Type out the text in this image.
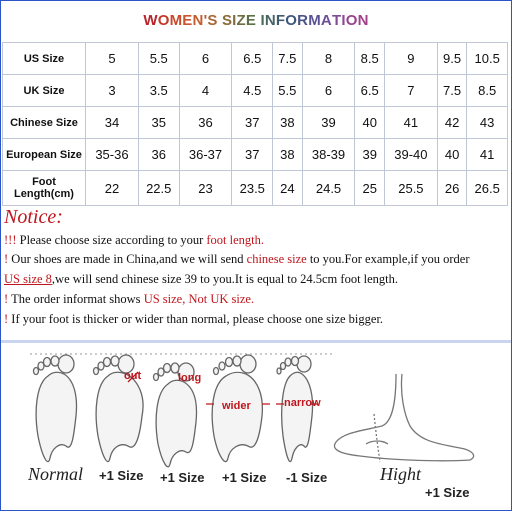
WOMEN'S SIZE INFORMATION
US Size	5	5.5	6	6.5	7.5	8	8.5	9	9.5	10.5
UK Size	3	3.5	4	4.5	5.5	6	6.5	7	7.5	8.5
Chinese Size	34	35	36	37	38	39	40	41	42	43
European Size	35-36	36	36-37	37	38	38-39	39	39-40	40	41
Foot
Length(cm)	22	22.5	23	23.5	24	24.5	25	25.5	26	26.5
Notice:
!!! Please choose size according to your foot length.
! Our shoes are made in China,and we will send chinese size to you.For example,if you order
US size 8,we will send chinese size 39 to you.It is equal to 24.5cm foot length.
! The order informat shows US size, Not UK size.
! If your foot is thicker or wider than normal, please choose one size bigger.
out	long
wider	narrow
Normal +1 Size +1 Size +1 Size -1 Size	Hight
+1 Size
